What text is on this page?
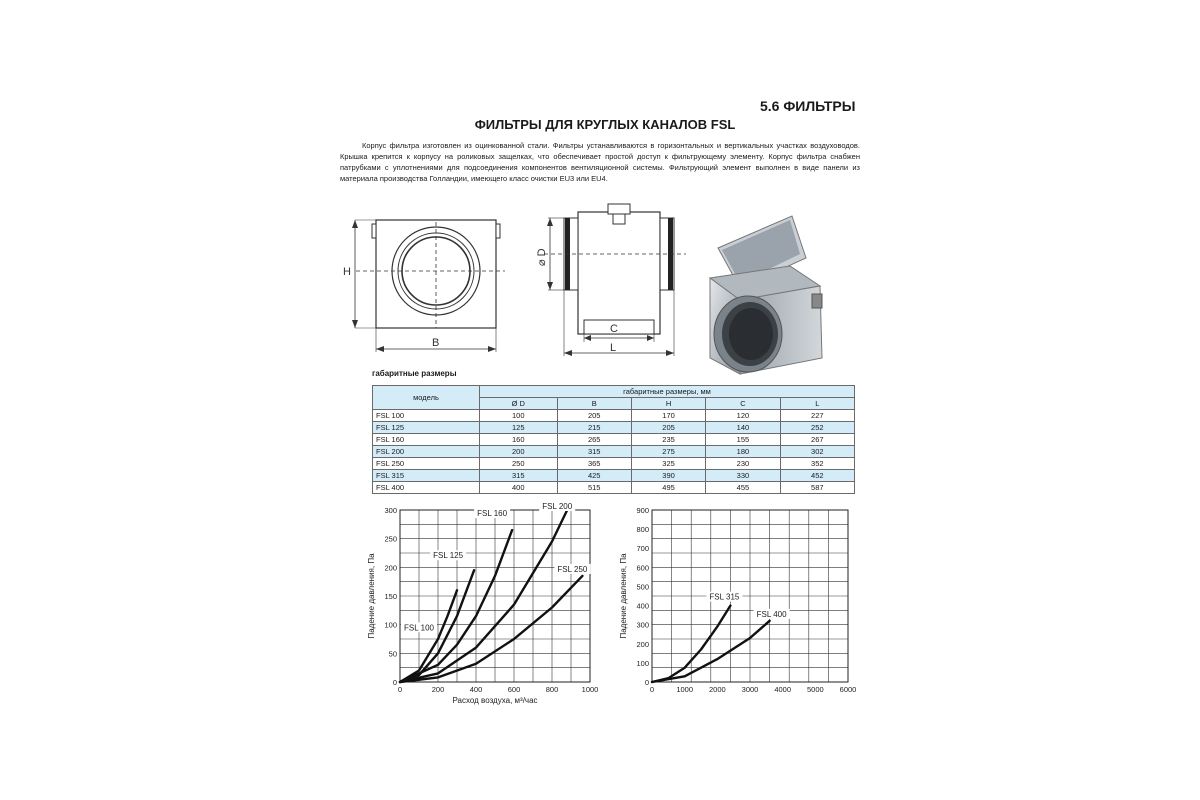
5.6 ФИЛЬТРЫ
ФИЛЬТРЫ ДЛЯ КРУГЛЫХ КАНАЛОВ FSL
Корпус фильтра изготовлен из оцинкованной стали. Фильтры устанавливаются в горизонтальных и вертикальных участках воздуховодов. Крышка крепится к корпусу на роликовых защелках, что обеспечивает простой доступ к фильтрующему элементу. Корпус фильтра снабжен патрубками с уплотнениями для подсоединения компонентов вентиляционной системы. Фильтрующий элемент выполнен в виде панели из материала производства Голландии, имеющего класс очистки EU3 или EU4.
H
B
⌀ D
C
L
габаритные размеры
модель	габаритные размеры, мм				
	Ø D	B	H	C	L
FSL 100	100	205	170	120	227
FSL 125	125	215	205	140	252
FSL 160	160	265	235	155	267
FSL 200	200	315	275	180	302
FSL 250	250	365	325	230	352
FSL 315	315	425	390	330	452
FSL 400	400	515	495	455	587
0	200	400	600	800	1000
0
50
100
150
200
250
300
Падение давления, Па
Расход воздуха, м³/час
FSL 100
FSL 125
FSL 160
FSL 200
FSL 250
0	1000 2000 3000 4000 5000 6000
0
100
200
300
400
500
600
700
800
900
Падение давления, Па	FSL 315
FSL 400
